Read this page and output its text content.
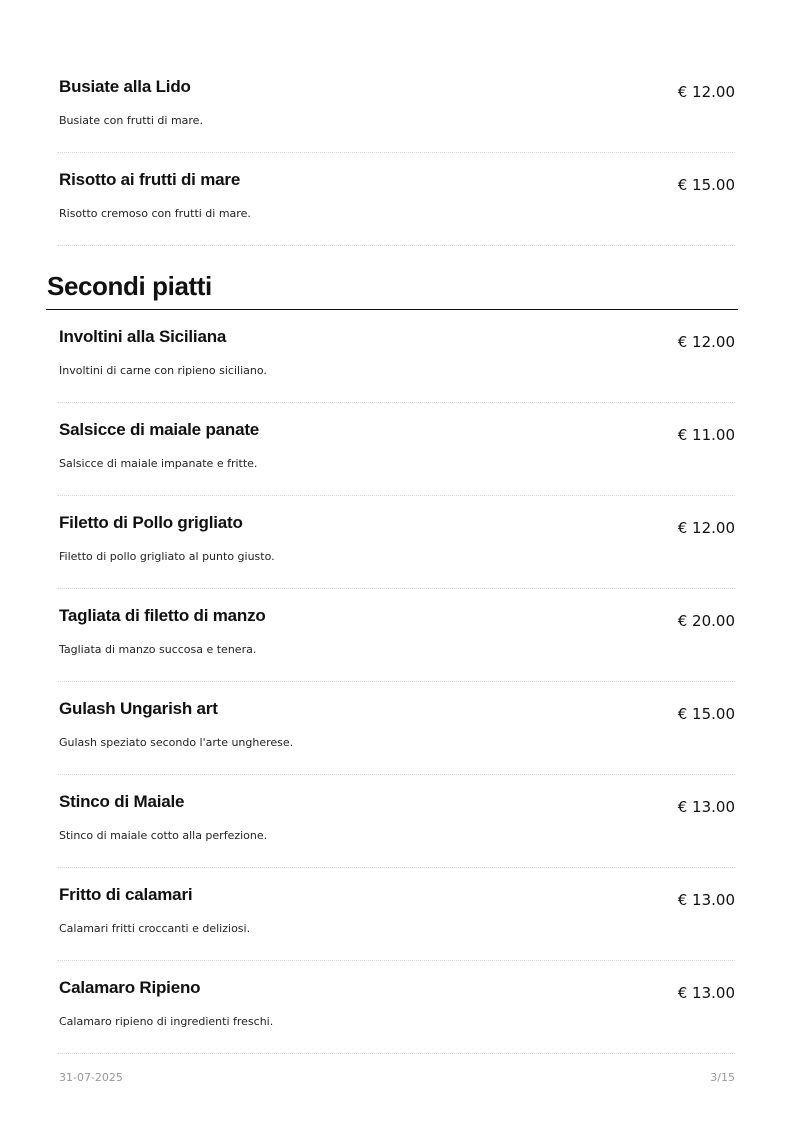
Busiate alla Lido
Busiate con frutti di mare.
€ 12.00
Risotto ai frutti di mare
Risotto cremoso con frutti di mare.
€ 15.00
Secondi piatti
Involtini alla Siciliana
Involtini di carne con ripieno siciliano.
€ 12.00
Salsicce di maiale panate
Salsicce di maiale impanate e fritte.
€ 11.00
Filetto di Pollo grigliato
Filetto di pollo grigliato al punto giusto.
€ 12.00
Tagliata di filetto di manzo
Tagliata di manzo succosa e tenera.
€ 20.00
Gulash Ungarish art
Gulash speziato secondo l'arte ungherese.
€ 15.00
Stinco di Maiale
Stinco di maiale cotto alla perfezione.
€ 13.00
Fritto di calamari
Calamari fritti croccanti e deliziosi.
€ 13.00
Calamaro Ripieno
Calamaro ripieno di ingredienti freschi.
€ 13.00
31-07-2025	3/15
